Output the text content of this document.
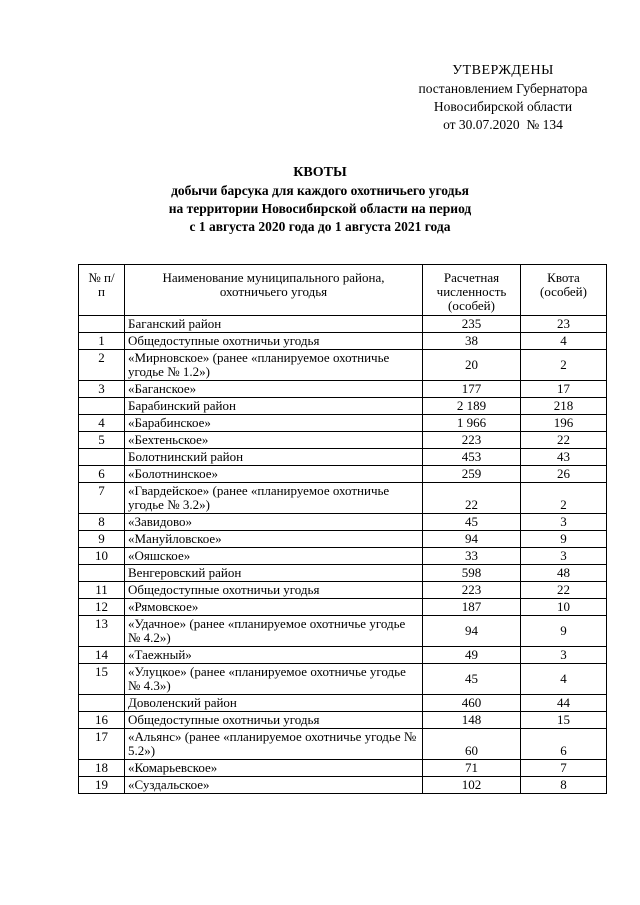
УТВЕРЖДЕНЫ
постановлением Губернатора
Новосибирской области
от 30.07.2020  № 134
КВОТЫ
добычи барсука для каждого охотничьего угодья
на территории Новосибирской области на период
с 1 августа 2020 года до 1 августа 2021 года
№ п/п	Наименование муниципального района, охотничьего угодья	Расчетная численность (особей)	Квота (особей)
	Баганский район	235	23
1	Общедоступные охотничьи угодья	38	4
2	«Мирновское» (ранее «планируемое охотничье угодье № 1.2»)	20	2
3	«Баганское»	177	17
	Барабинский район	2 189	218
4	«Барабинское»	1 966	196
5	«Бехтеньское»	223	22
	Болотнинский район	453	43
6	«Болотнинское»	259	26
7	«Гвардейское» (ранее «планируемое охотничье угодье № 3.2»)	22	2
8	«Завидово»	45	3
9	«Мануйловское»	94	9
10	«Ояшское»	33	3
	Венгеровский район	598	48
11	Общедоступные охотничьи угодья	223	22
12	«Рямовское»	187	10
13	«Удачное» (ранее «планируемое охотничье угодье № 4.2»)	94	9
14	«Таежный»	49	3
15	«Улуцкое» (ранее «планируемое охотничье угодье № 4.3»)	45	4
	Доволенский район	460	44
16	Общедоступные охотничьи угодья	148	15
17	«Альянс» (ранее «планируемое охотничье угодье № 5.2»)	60	6
18	«Комарьевское»	71	7
19	«Суздальское»	102	8
